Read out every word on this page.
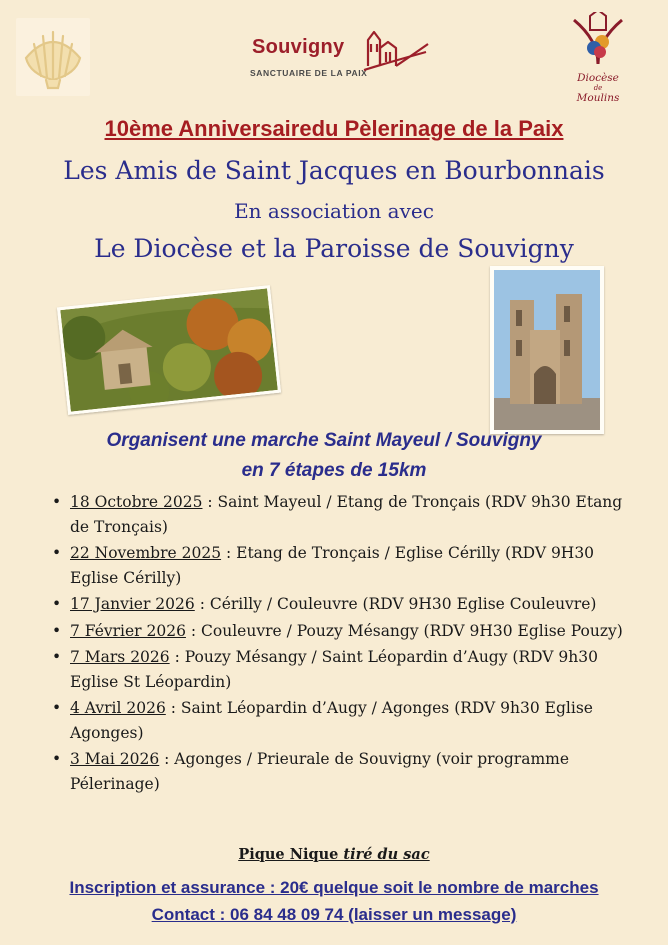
Souvigny
SANCTUAIRE DE LA PAIX	Diocèse
de
Moulins
10ème Anniversairedu Pèlerinage de la Paix
Les Amis de Saint Jacques en Bourbonnais
En association avec
Le Diocèse et la Paroisse de Souvigny
Organisent une marche Saint Mayeul / Souvigny
en 7 étapes de 15km
• 18 Octobre 2025 : Saint Mayeul / Etang de Tronçais (RDV 9h30 Etang de Tronçais)
• 22 Novembre 2025 : Etang de Tronçais / Eglise Cérilly (RDV 9H30 Eglise Cérilly)
• 17 Janvier 2026 : Cérilly / Couleuvre (RDV 9H30 Eglise Couleuvre)
• 7 Février 2026 : Couleuvre / Pouzy Mésangy (RDV 9H30 Eglise Pouzy)
• 7 Mars 2026 : Pouzy Mésangy / Saint Léopardin d’Augy (RDV 9h30 Eglise St Léopardin)
• 4 Avril 2026 : Saint Léopardin d’Augy / Agonges (RDV 9h30 Eglise Agonges)
• 3 Mai 2026 : Agonges / Prieurale de Souvigny (voir programme Pélerinage)
Pique Nique tiré du sac
Inscription et assurance : 20€ quelque soit le nombre de marches
Contact : 06 84 48 09 74 (laisser un message)
